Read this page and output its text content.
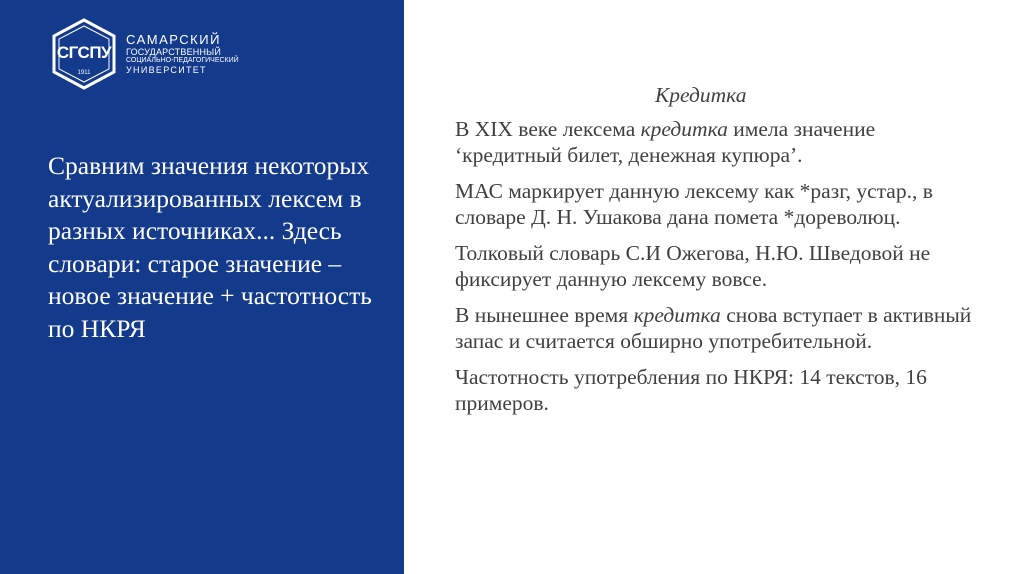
СГСПУ
1911
САМАРСКИЙ
ГОСУДАРСТВЕННЫЙ
СОЦИАЛЬНО-ПЕДАГОГИЧЕСКИЙ
УНИВЕРСИТЕТ

Сравним значения некоторых актуализированных лексем в разных источниках... Здесь словари: старое значение – новое значение + частотность по НКРЯ

Кредитка

В XIX веке лексема кредитка имела значение ‘кредитный билет, денежная купюра’.

МАС маркирует данную лексему как *разг, устар., в словаре Д. Н. Ушакова дана помета *дореволюц.

Толковый словарь С.И Ожегова, Н.Ю. Шведовой не фиксирует данную лексему вовсе.

В нынешнее время кредитка снова вступает в активный запас и считается обширно употребительной.

Частотность употребления по НКРЯ: 14 текстов, 16 примеров.
